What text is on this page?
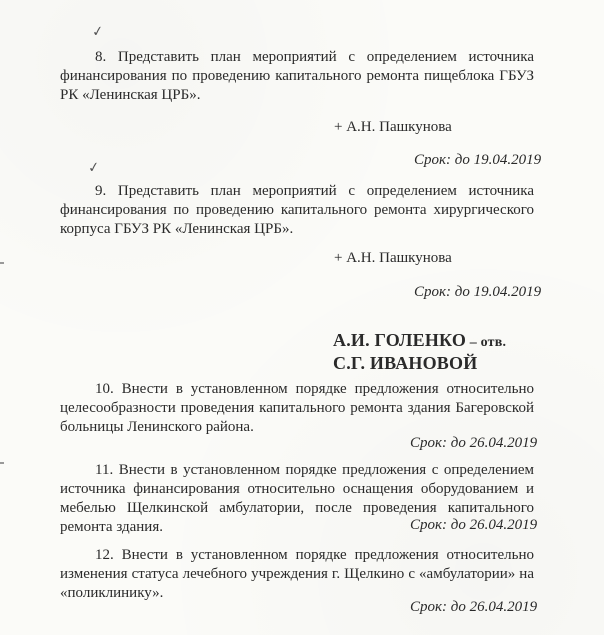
✓
8. Представить план мероприятий с определением источника финансирования по проведению капитального ремонта пищеблока ГБУЗ РК «Ленинская ЦРБ».
+ А.Н. Пашкунова
Срок: до 19.04.2019
✓
9. Представить план мероприятий с определением источника финансирования по проведению капитального ремонта хирургического корпуса ГБУЗ РК «Ленинская ЦРБ».
+ А.Н. Пашкунова
Срок: до 19.04.2019
А.И. ГОЛЕНКО – отв.
С.Г. ИВАНОВОЙ
10. Внести в установленном порядке предложения относительно целесообразности проведения капитального ремонта здания Багеровской больницы Ленинского района.
Срок: до 26.04.2019
11. Внести в установленном порядке предложения с определением источника финансирования относительно оснащения оборудованием и мебелью Щелкинской амбулатории, после проведения капитального ремонта здания.	Срок: до 26.04.2019
12. Внести в установленном порядке предложения относительно изменения статуса лечебного учреждения г. Щелкино с «амбулатории» на «поликлинику».
Срок: до 26.04.2019
